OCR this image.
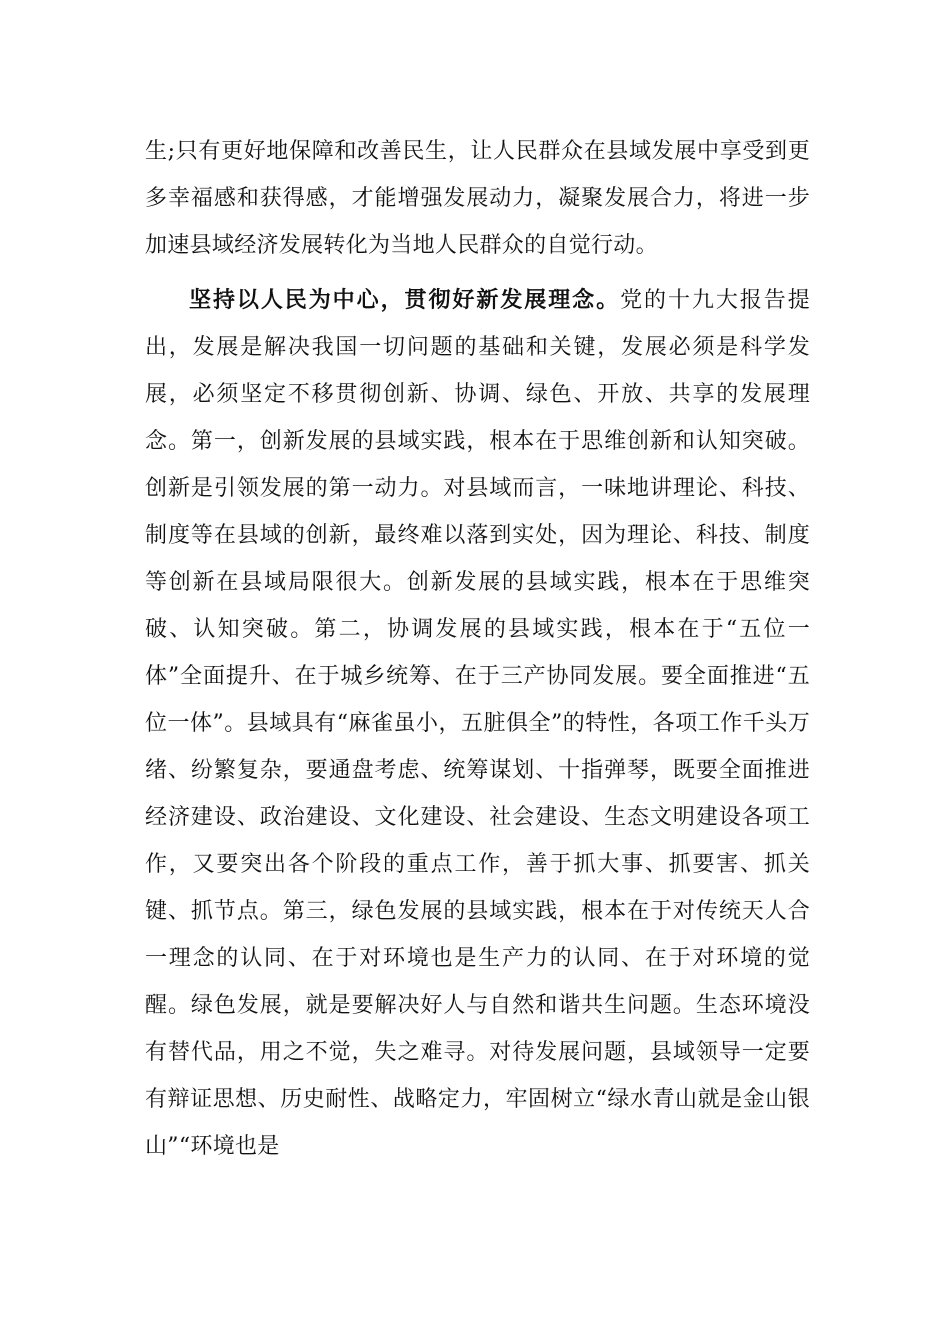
生;只有更好地保障和改善民生，让人民群众在县域发展中享受到更多幸福感和获得感，才能增强发展动力，凝聚发展合力，将进一步加速县域经济发展转化为当地人民群众的自觉行动。

坚持以人民为中心，贯彻好新发展理念。党的十九大报告提出，发展是解决我国一切问题的基础和关键，发展必须是科学发展，必须坚定不移贯彻创新、协调、绿色、开放、共享的发展理念。第一，创新发展的县域实践，根本在于思维创新和认知突破。创新是引领发展的第一动力。对县域而言，一味地讲理论、科技、制度等在县域的创新，最终难以落到实处，因为理论、科技、制度等创新在县域局限很大。创新发展的县域实践，根本在于思维突破、认知突破。第二，协调发展的县域实践，根本在于“五位一体”全面提升、在于城乡统筹、在于三产协同发展。要全面推进“五位一体”。县域具有“麻雀虽小，五脏俱全”的特性，各项工作千头万绪、纷繁复杂，要通盘考虑、统筹谋划、十指弹琴，既要全面推进经济建设、政治建设、文化建设、社会建设、生态文明建设各项工作，又要突出各个阶段的重点工作，善于抓大事、抓要害、抓关键、抓节点。第三，绿色发展的县域实践，根本在于对传统天人合一理念的认同、在于对环境也是生产力的认同、在于对环境的觉醒。绿色发展，就是要解决好人与自然和谐共生问题。生态环境没有替代品，用之不觉，失之难寻。对待发展问题，县域领导一定要有辩证思想、历史耐性、战略定力，牢固树立“绿水青山就是金山银山”“环境也是
